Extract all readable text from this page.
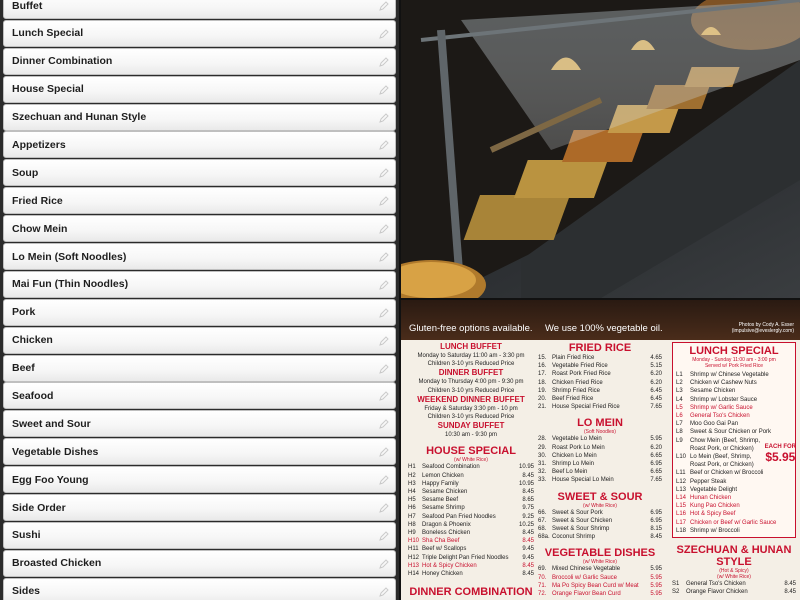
Buffet
Lunch Special
Dinner Combination
House Special
Szechuan and Hunan Style
Appetizers
Soup
Fried Rice
Chow Mein
Lo Mein (Soft Noodles)
Mai Fun (Thin Noodles)
Pork
Chicken
Beef
Seafood
Sweet and Sour
Vegetable Dishes
Egg Foo Young
Side Order
Sushi
Broasted Chicken
Sides
Gluten-free options available. We use 100% vegetable oil.	Photos by Cody A. Esser
(impulsive@eveslergly.com)
LUNCH BUFFET
Monday to Saturday 11:00 am - 3:30 pm
Children 3-10 yrs Reduced Price
DINNER BUFFET
Monday to Thursday 4:00 pm - 9:30 pm
Children 3-10 yrs Reduced Price
WEEKEND DINNER BUFFET
Friday & Saturday 3:30 pm - 10 pm
Children 3-10 yrs Reduced Price
SUNDAY BUFFET
10:30 am - 9:30 pm
HOUSE SPECIAL
(w/ White Rice)
H1	Seafood Combination	10.95
H2	Lemon Chicken	8.45
H3	Happy Family	10.95
H4	Sesame Chicken	8.45
H5	Sesame Beef	8.65
H6	Sesame Shrimp	9.75
H7	Seafood Pan Fried Noodles	9.25
H8	Dragon & Phoenix	10.25
H9	Boneless Chicken	8.45
H10 Sha Cha Beef	8.45
H11 Beef w/ Scallops	9.45
H12 Triple Delight Pan Fried Noodles	9.45
H13 Hot & Spicy Chicken	8.45
H14 Honey Chicken	8.45
DINNER COMBINATION
FRIED RICE
15. Plain Fried Rice	4.65
16. Vegetable Fried Rice	5.15
17. Roast Pork Fried Rice	6.20
18. Chicken Fried Rice	6.20
19. Shrimp Fried Rice	6.45
20. Beef Fried Rice	6.45
21. House Special Fried Rice	7.65
LO MEIN
(Soft Noodles)
28. Vegetable Lo Mein	5.95
29. Roast Pork Lo Mein	6.20
30. Chicken Lo Mein	6.65
31. Shrimp Lo Mein	6.95
32. Beef Lo Mein	6.65
33. House Special Lo Mein	7.65
SWEET & SOUR
(w/ White Rice)
66. Sweet & Sour Pork	6.95
67. Sweet & Sour Chicken	6.95
68. Sweet & Sour Shrimp	8.15
68a. Coconut Shrimp	8.45
VEGETABLE DISHES
(w/ White Rice)
69. Mixed Chinese Vegetable	5.95
70. Broccoli w/ Garlic Sauce	5.95
71. Ma Po Spicy Bean Curd w/ Meat	5.95
72. Orange Flavor Bean Curd	5.95
LUNCH SPECIAL
Monday - Sunday 11:00 am - 3:00 pm
Served w/ Pork Fried Rice
L1	Shrimp w/ Chinese Vegetable
L2	Chicken w/ Cashew Nuts
L3	Sesame Chicken
L4	Shrimp w/ Lobster Sauce
L5	Shrimp w/ Garlic Sauce
L6	General Tso's Chicken
L7	Moo Goo Gai Pan
L8	Sweet & Sour Chicken or Pork
L9	Chow Mein (Beef, Shrimp,
Roast Pork, or Chicken)
L10 Lo Mein (Beef, Shrimp,
Roast Pork, or Chicken)
L11 Beef or Chicken w/ Broccoli
L12 Pepper Steak
L13 Vegetable Delight
L14 Hunan Chicken
L15 Kung Pao Chicken
L16 Hot & Spicy Beef
L17 Chicken or Beef w/ Garlic Sauce
L18 Shrimp w/ Broccoli
SZECHUAN & HUNAN STYLE
(Hot & Spicy)
(w/ White Rice)
S1	General Tso's Chicken	8.45
S2	Orange Flavor Chicken	8.45
EACH FOR
$5.95
